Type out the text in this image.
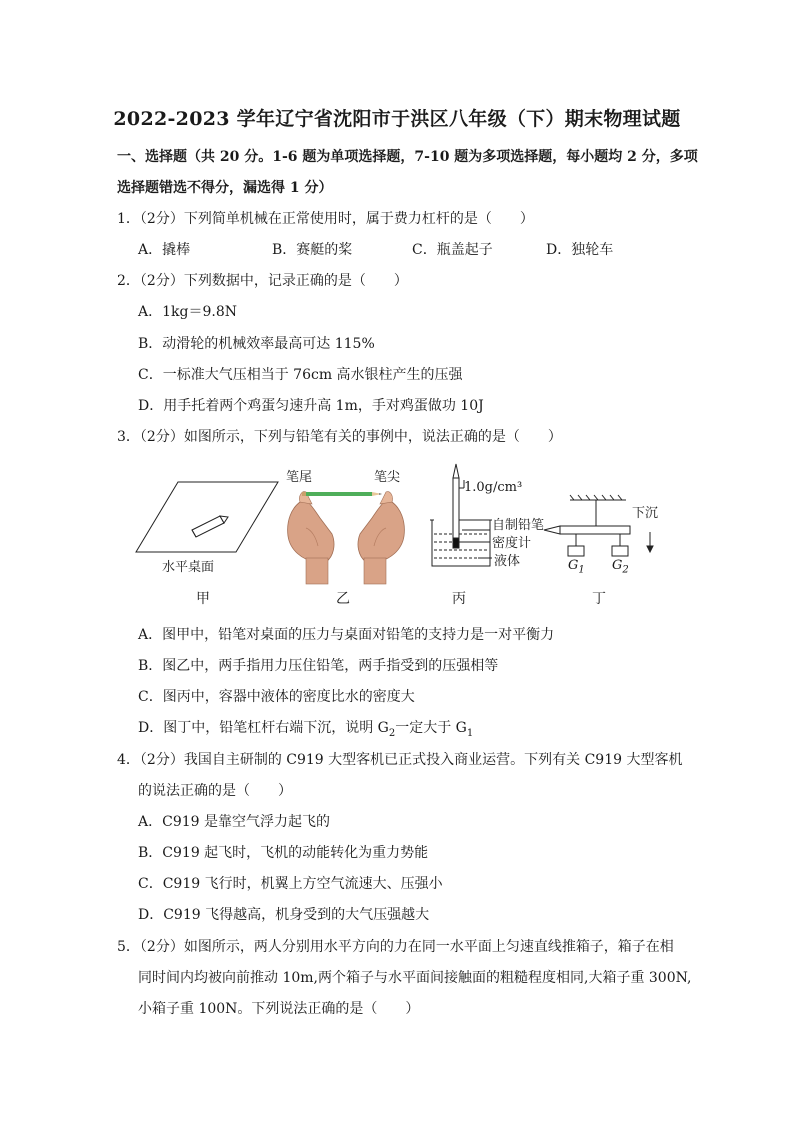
2022-2023 学年辽宁省沈阳市于洪区八年级（下）期末物理试题
一、选择题（共 20 分。1-6 题为单项选择题，7-10 题为多项选择题，每小题均 2 分，多项
选择题错选不得分，漏选得 1 分）
1．（2分）下列简单机械在正常使用时，属于费力杠杆的是（　　）
A．撬棒	B．赛艇的桨	C．瓶盖起子	D．独轮车
2．（2分）下列数据中，记录正确的是（　　）
A．1kg＝9.8N
B．动滑轮的机械效率最高可达 115%
C．一标准大气压相当于 76cm 高水银柱产生的压强
D．用手托着两个鸡蛋匀速升高 1m，手对鸡蛋做功 10J
3．（2分）如图所示，下列与铅笔有关的事例中，说法正确的是（　　）
水平桌面
笔尾	笔尖
1.0g/cm³
自制铅笔
密度计
液体
下沉
$G_1$ $G_2$
甲	乙	丙	丁
A．图甲中，铅笔对桌面的压力与桌面对铅笔的支持力是一对平衡力
B．图乙中，两手指用力压住铅笔，两手指受到的压强相等
C．图丙中，容器中液体的密度比水的密度大
D．图丁中，铅笔杠杆右端下沉，说明 $G_2$一定大于 $G_1$
4．（2分）我国自主研制的 C919 大型客机已正式投入商业运营。下列有关 C919 大型客机
的说法正确的是（　　）
A．C919 是靠空气浮力起飞的
B．C919 起飞时，飞机的动能转化为重力势能
C．C919 飞行时，机翼上方空气流速大、压强小
D．C919 飞得越高，机身受到的大气压强越大
5．（2分）如图所示，两人分别用水平方向的力在同一水平面上匀速直线推箱子，箱子在相
同时间内均被向前推动 10m,两个箱子与水平面间接触面的粗糙程度相同,大箱子重 300N,
小箱子重 100N。下列说法正确的是（　　）
